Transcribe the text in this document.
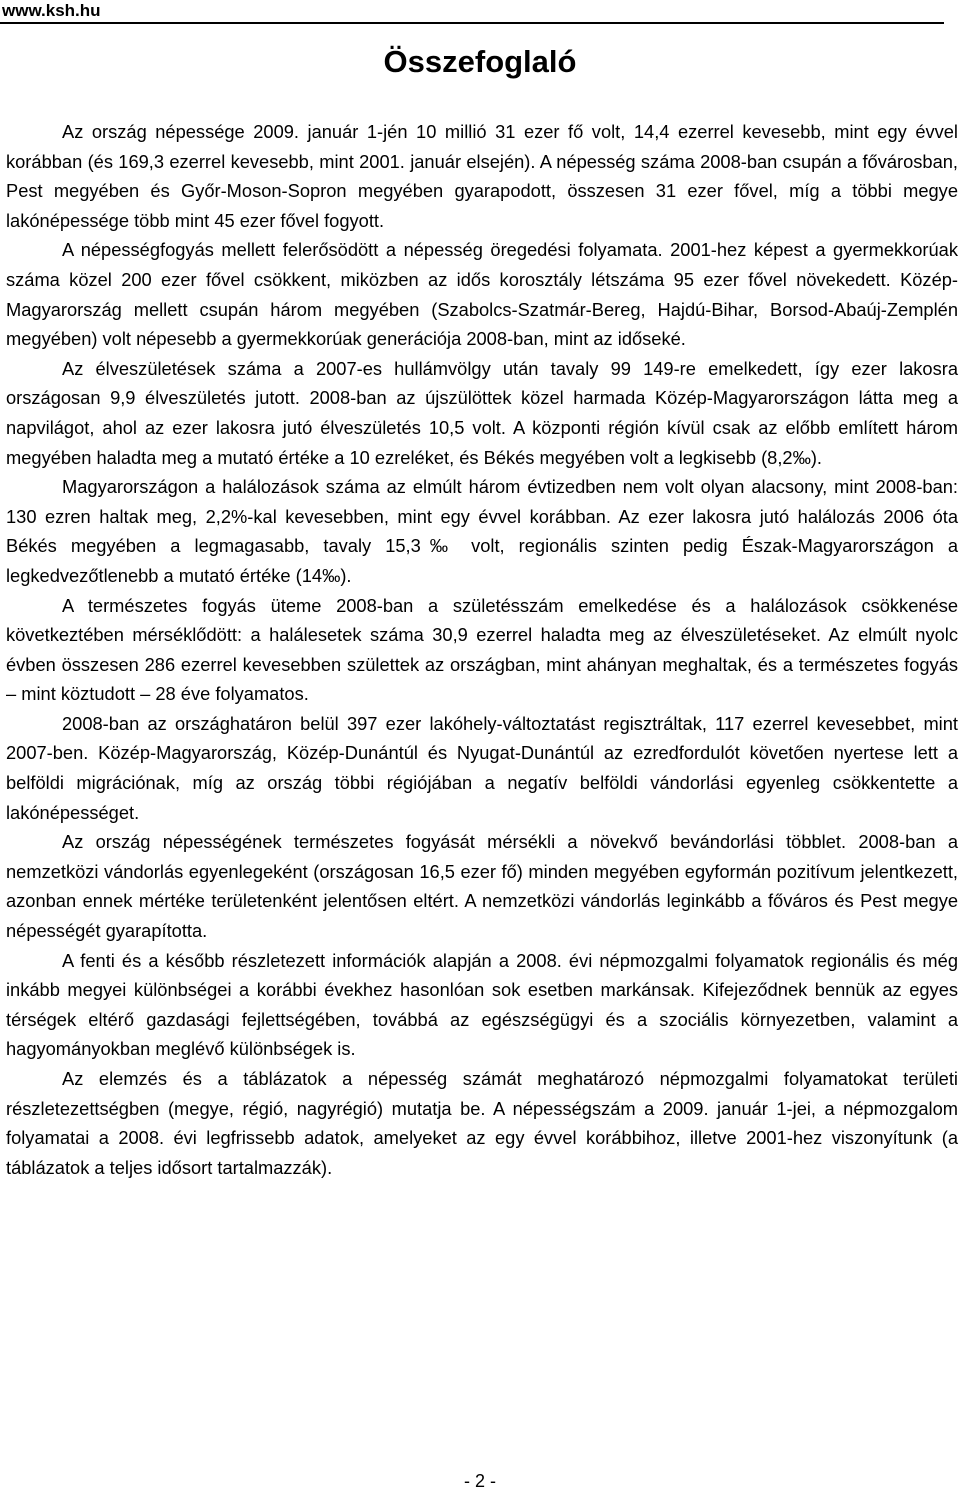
www.ksh.hu
Összefoglaló

Az ország népessége 2009. január 1-jén 10 millió 31 ezer fő volt, 14,4 ezerrel kevesebb, mint egy évvel korábban (és 169,3 ezerrel kevesebb, mint 2001. január elsején). A népesség száma 2008-ban csupán a fővárosban, Pest megyében és Győr-Moson-Sopron megyében gyarapodott, összesen 31 ezer fővel, míg a többi megye lakónépessége több mint 45 ezer fővel fogyott.

A népességfogyás mellett felerősödött a népesség öregedési folyamata. 2001-hez képest a gyermekkorúak száma közel 200 ezer fővel csökkent, miközben az idős korosztály létszáma 95 ezer fővel növekedett. Közép-Magyarország mellett csupán három megyében (Szabolcs-Szatmár-Bereg, Hajdú-Bihar, Borsod-Abaúj-Zemplén megyében) volt népesebb a gyermekkorúak generációja 2008-ban, mint az időseké.

Az élveszületések száma a 2007-es hullámvölgy után tavaly 99 149-re emelkedett, így ezer lakosra országosan 9,9 élveszületés jutott. 2008-ban az újszülöttek közel harmada Közép-Magyarországon látta meg a napvilágot, ahol az ezer lakosra jutó élveszületés 10,5 volt. A központi régión kívül csak az előbb említett három megyében haladta meg a mutató értéke a 10 ezreléket, és Békés megyében volt a legkisebb (8,2‰).

Magyarországon a halálozások száma az elmúlt három évtizedben nem volt olyan alacsony, mint 2008-ban: 130 ezren haltak meg, 2,2%-kal kevesebben, mint egy évvel korábban. Az ezer lakosra jutó halálozás 2006 óta Békés megyében a legmagasabb, tavaly 15,3‰ volt, regionális szinten pedig Észak-Magyarországon a legkedvezőtlenebb a mutató értéke (14‰).

A természetes fogyás üteme 2008-ban a születésszám emelkedése és a halálozások csökkenése következtében mérséklődött: a halálesetek száma 30,9 ezerrel haladta meg az élveszületéseket. Az elmúlt nyolc évben összesen 286 ezerrel kevesebben születtek az országban, mint ahányan meghaltak, és a természetes fogyás – mint köztudott – 28 éve folyamatos.

2008-ban az országhatáron belül 397 ezer lakóhely-változtatást regisztráltak, 117 ezerrel kevesebbet, mint 2007-ben. Közép-Magyarország, Közép-Dunántúl és Nyugat-Dunántúl az ezredfordulót követően nyertese lett a belföldi migrációnak, míg az ország többi régiójában a negatív belföldi vándorlási egyenleg csökkentette a lakónépességet.

Az ország népességének természetes fogyását mérsékli a növekvő bevándorlási többlet. 2008-ban a nemzetközi vándorlás egyenlegeként (országosan 16,5 ezer fő) minden megyében egyformán pozitívum jelentkezett, azonban ennek mértéke területenként jelentősen eltért. A nemzetközi vándorlás leginkább a főváros és Pest megye népességét gyarapította.

A fenti és a később részletezett információk alapján a 2008. évi népmozgalmi folyamatok regionális és még inkább megyei különbségei a korábbi évekhez hasonlóan sok esetben markánsak. Kifejeződnek bennük az egyes térségek eltérő gazdasági fejlettségében, továbbá az egészségügyi és a szociális környezetben, valamint a hagyományokban meglévő különbségek is.

Az elemzés és a táblázatok a népesség számát meghatározó népmozgalmi folyamatokat területi részletezettségben (megye, régió, nagyrégió) mutatja be. A népességszám a 2009. január 1-jei, a népmozgalom folyamatai a 2008. évi legfrissebb adatok, amelyeket az egy évvel korábbihoz, illetve 2001-hez viszonyítunk (a táblázatok a teljes idősort tartalmazzák).

- 2 -
